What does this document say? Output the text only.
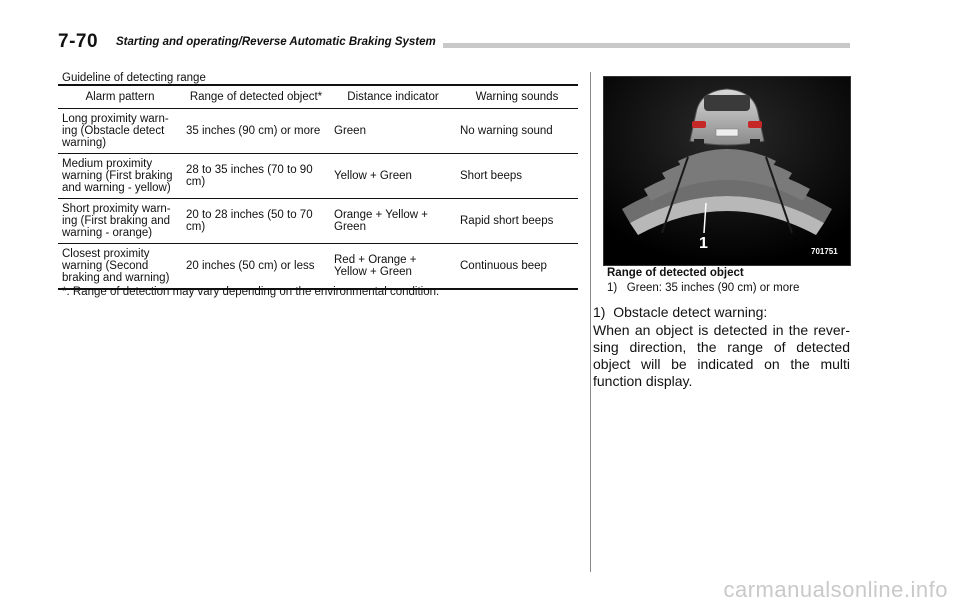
7-70 Starting and operating/Reverse Automatic Braking System
Guideline of detecting range
Alarm pattern	Range of detected object*	Distance indicator	Warning sounds
Long proximity warn-ing (Obstacle detect warning)	35 inches (90 cm) or more	Green	No warning sound
Medium proximity warning (First braking and warning - yellow)	28 to 35 inches (70 to 90 cm)	Yellow + Green	Short beeps
Short proximity warn-ing (First braking and warning - orange)	20 to 28 inches (50 to 70 cm)	Orange + Yellow + Green	Rapid short beeps
Closest proximity warning (Second braking and warning)	20 inches (50 cm) or less	Red + Orange + Yellow + Green	Continuous beep
*: Range of detection may vary depending on the environmental condition.
1	701751
Range of detected object
1)   Green: 35 inches (90 cm) or more
1)  Obstacle detect warning:
When an object is detected in the rever-sing direction, the range of detected object will be indicated on the multi function display.
carmanualsonline.info
